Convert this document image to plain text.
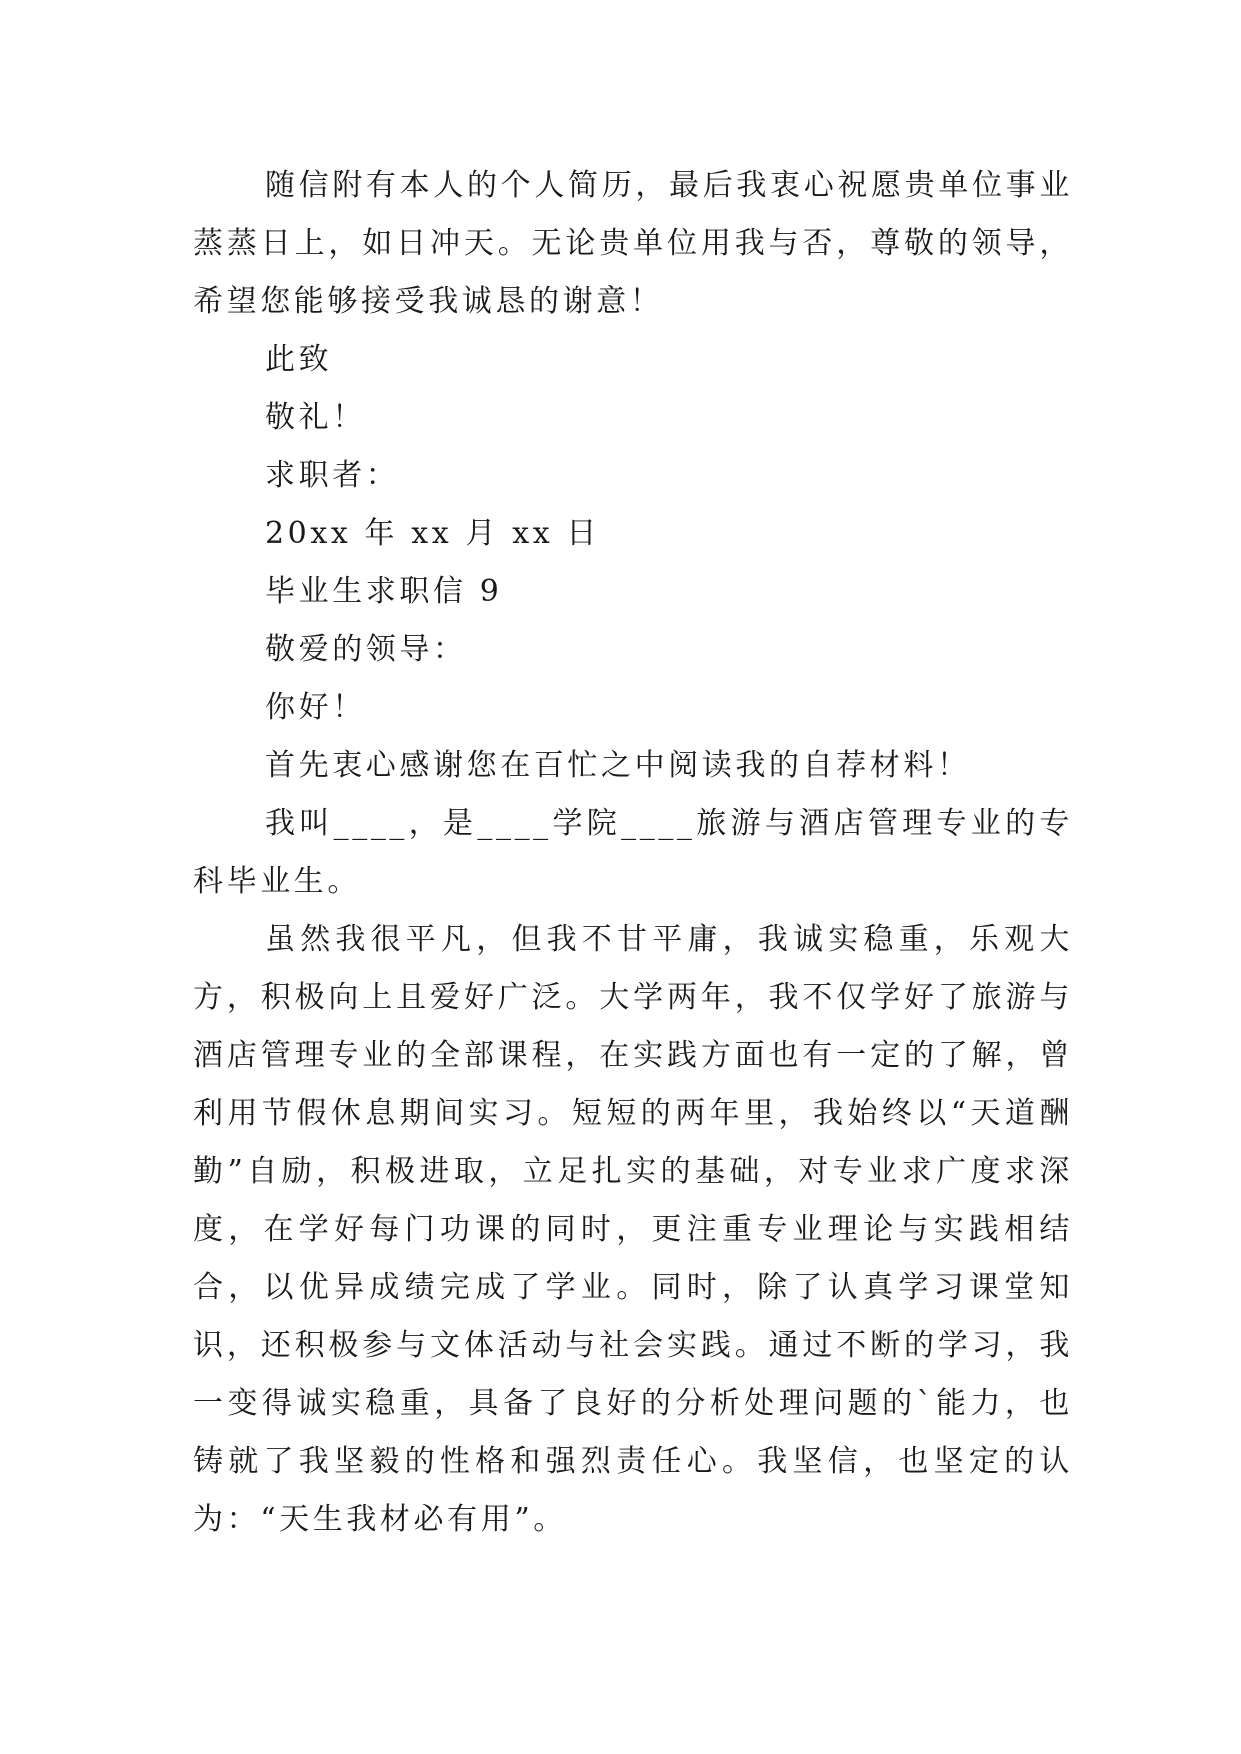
随信附有本人的个人简历，最后我衷心祝愿贵单位事业蒸蒸日上，如日冲天。无论贵单位用我与否，尊敬的领导，希望您能够接受我诚恳的谢意！

此致

敬礼！

求职者：

20xx 年 xx 月 xx 日

毕业生求职信 9

敬爱的领导：

你好！

首先衷心感谢您在百忙之中阅读我的自荐材料！

我叫____，是____学院____旅游与酒店管理专业的专科毕业生。

虽然我很平凡，但我不甘平庸，我诚实稳重，乐观大方，积极向上且爱好广泛。大学两年，我不仅学好了旅游与酒店管理专业的全部课程，在实践方面也有一定的了解，曾利用节假休息期间实习。短短的两年里，我始终以“天道酬勤”自励，积极进取，立足扎实的基础，对专业求广度求深度，在学好每门功课的同时，更注重专业理论与实践相结合，以优异成绩完成了学业。同时，除了认真学习课堂知识，还积极参与文体活动与社会实践。通过不断的学习，我一变得诚实稳重，具备了良好的分析处理问题的`能力，也铸就了我坚毅的性格和强烈责任心。我坚信，也坚定的认为：“天生我材必有用”。
